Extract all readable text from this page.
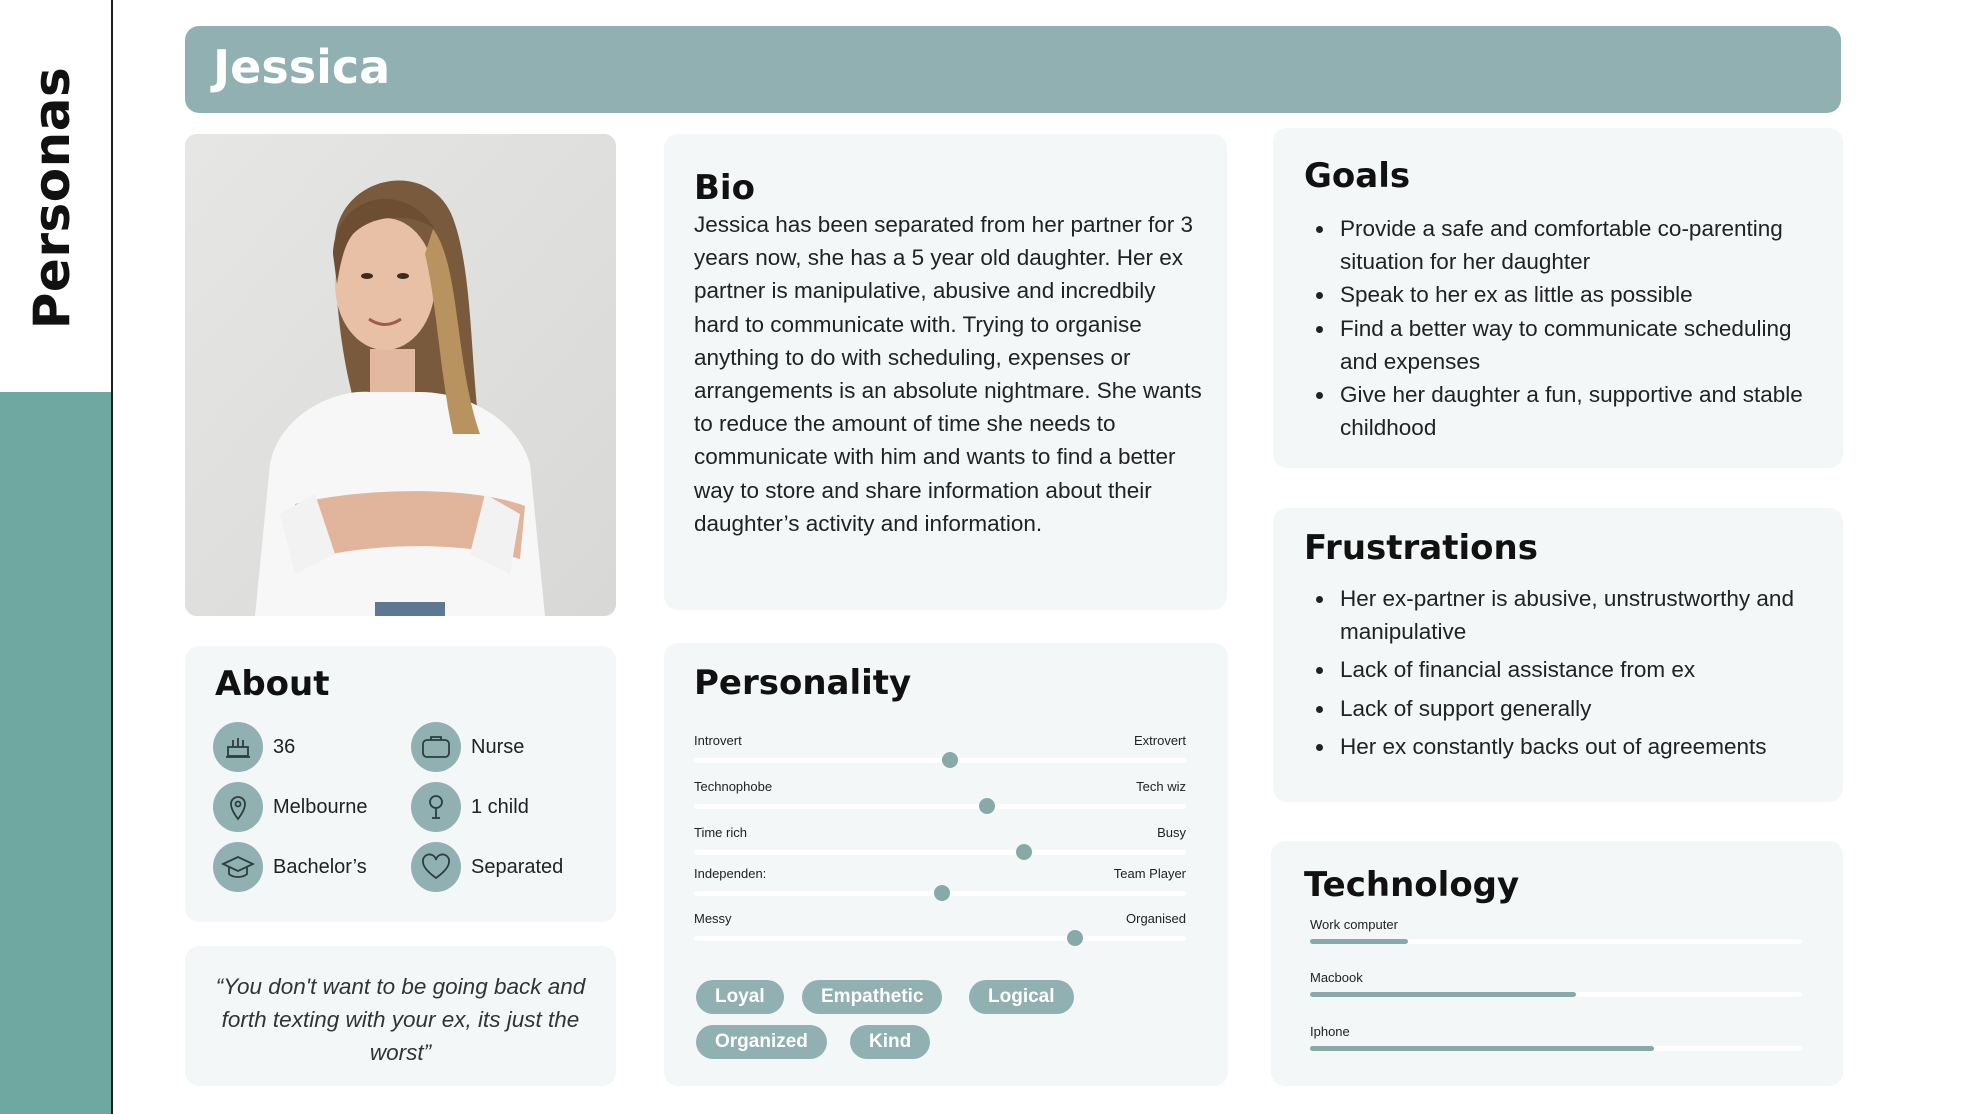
Personas	Jessica
Bio
Jessica has been separated from her partner for 3 years now, she has a 5 year old daughter. Her ex partner is manipulative, abusive and incredbily hard to communicate with. Trying to organise anything to do with scheduling, expenses or arrangements is an absolute nightmare. She wants to reduce the amount of time she needs to communicate with him and wants to find a better way to store and share information about their daughter’s activity and information.
Goals
Provide a safe and comfortable co-parenting situation for her daughter
Speak to her ex as little as possible
Find a better way to communicate scheduling and expenses
Give her daughter a fun, supportive and stable childhood
Frustrations
Her ex-partner is abusive, unstrustworthy and manipulative
Lack of financial assistance from ex
Lack of support generally
Her ex constantly backs out of agreements
Technology
Work computer
Macbook
Iphone
About
36	Nurse
Melbourne	1 child
Bachelor’s	Separated
“You don't want to be going back and forth texting with your ex, its just the worst”
Personality
Introvert	Extrovert
Technophobe	Tech wiz
Time rich	Busy
Independen:	Team Player
Messy	Organised
Loyal	Empathetic	Logical
Organized	Kind
